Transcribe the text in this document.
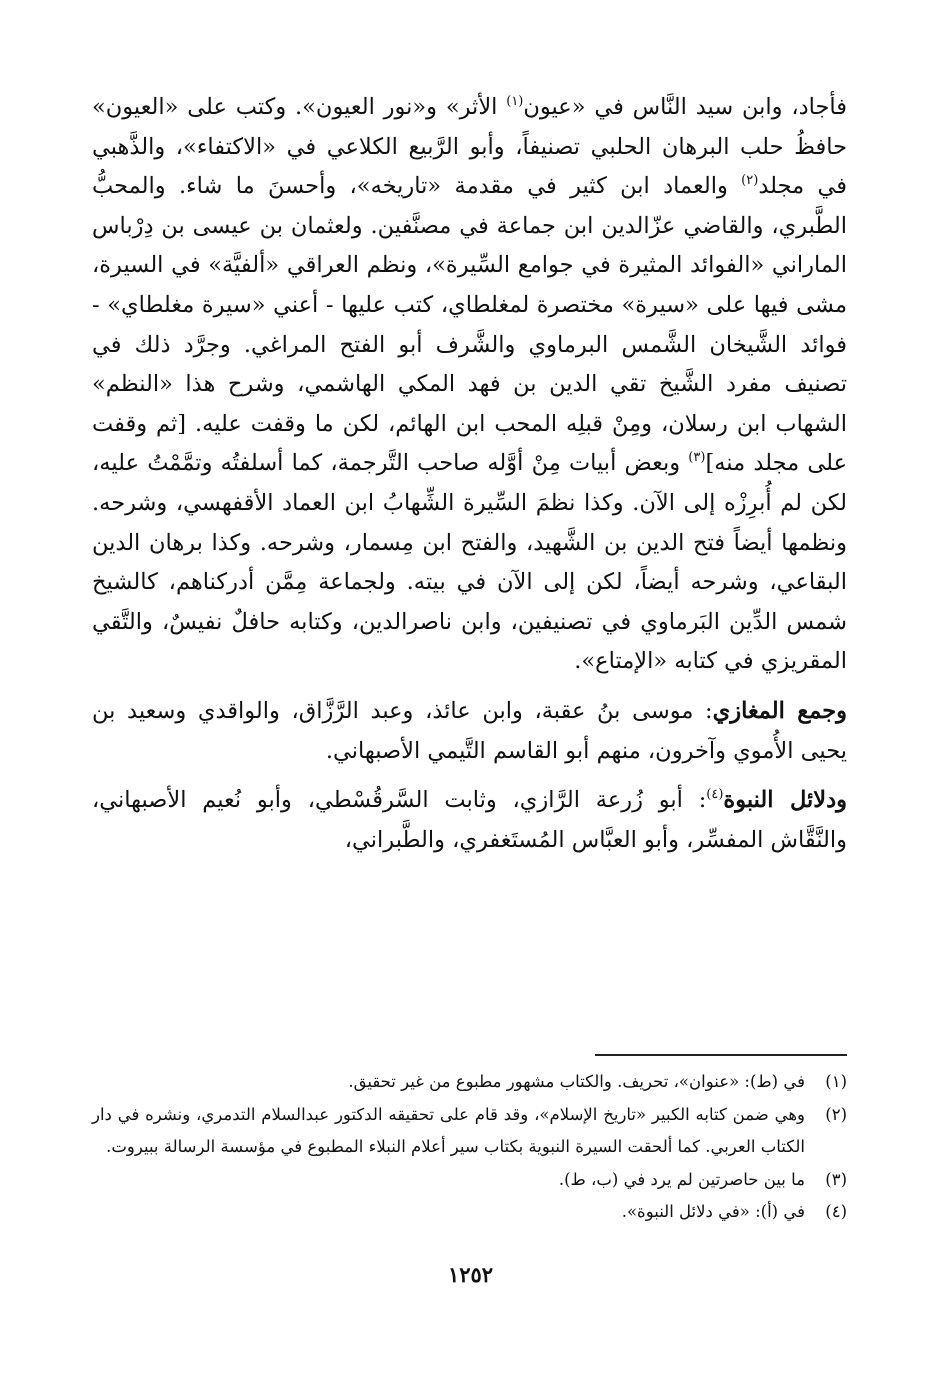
فأجاد، وابن سيد النَّاس في «عيون$^{(١)}$ الأثر» و«نور العيون». وكتب على «العيون» حافظُ حلب البرهان الحلبي تصنيفاً، وأبو الرَّبيع الكلاعي في «الاكتفاء»، والذَّهبي في مجلد$^{(٢)}$ والعماد ابن كثير في مقدمة «تاريخه»، وأحسنَ ما شاء. والمحبُّ الطَّبري، والقاضي عزّالدين ابن جماعة في مصنَّفين. ولعثمان بن عيسى بن دِرْباس الماراني «الفوائد المثيرة في جوامع السِّيرة»، ونظم العراقي «ألفيَّة» في السيرة، مشى فيها على «سيرة» مختصرة لمغلطاي، كتب عليها - أعني «سيرة مغلطاي» - فوائد الشَّيخان الشَّمس البرماوي والشَّرف أبو الفتح المراغي. وجرَّد ذلك في تصنيف مفرد الشَّيخ تقي الدين بن فهد المكي الهاشمي، وشرح هذا «النظم» الشهاب ابن رسلان، ومِنْ قبلِه المحب ابن الهائم، لكن ما وقفت عليه. [ثم وقفت على مجلد منه]$^{(٣)}$ وبعض أبيات مِنْ أوَّله صاحب التَّرجمة، كما أسلفتُه وتمَّمْتُ عليه، لكن لم أُبرِزْه إلى الآن. وكذا نظمَ السِّيرة الشِّهابُ ابن العماد الأقفهسي، وشرحه. ونظمها أيضاً فتح الدين بن الشَّهيد، والفتح ابن مِسمار، وشرحه. وكذا برهان الدين البقاعي، وشرحه أيضاً، لكن إلى الآن في بيته. ولجماعة مِمَّن أدركناهم، كالشيخ شمس الدِّين البَرماوي في تصنيفين، وابن ناصرالدين، وكتابه حافلٌ نفيسٌ، والتَّقي المقريزي في كتابه «الإمتاع».

وجمع المغازي: موسى بنُ عقبة، وابن عائذ، وعبد الرَّزَّاق، والواقدي وسعيد بن يحيى الأُموي وآخرون، منهم أبو القاسم التَّيمي الأصبهاني.

ودلائل النبوة$^{(٤)}$: أبو زُرعة الرَّازي، وثابت السَّرقُسْطي، وأبو نُعيم الأصبهاني، والنَّقَّاش المفسِّر، وأبو العبَّاس المُستَغفري، والطَّبراني،

(١)
في (ط): «عنوان»، تحريف. والكتاب مشهور مطبوع من غير تحقيق.
(٢)
وهي ضمن كتابه الكبير «تاريخ الإسلام»، وقد قام على تحقيقه الدكتور عبدالسلام التدمري، ونشره في دار الكتاب العربي. كما ألحقت السيرة النبوية بكتاب سير أعلام النبلاء المطبوع في مؤسسة الرسالة ببيروت.
(٣)
ما بين حاصرتين لم يرد في (ب، ط).
(٤)
في (أ): «في دلائل النبوة».
١٢٥٢
